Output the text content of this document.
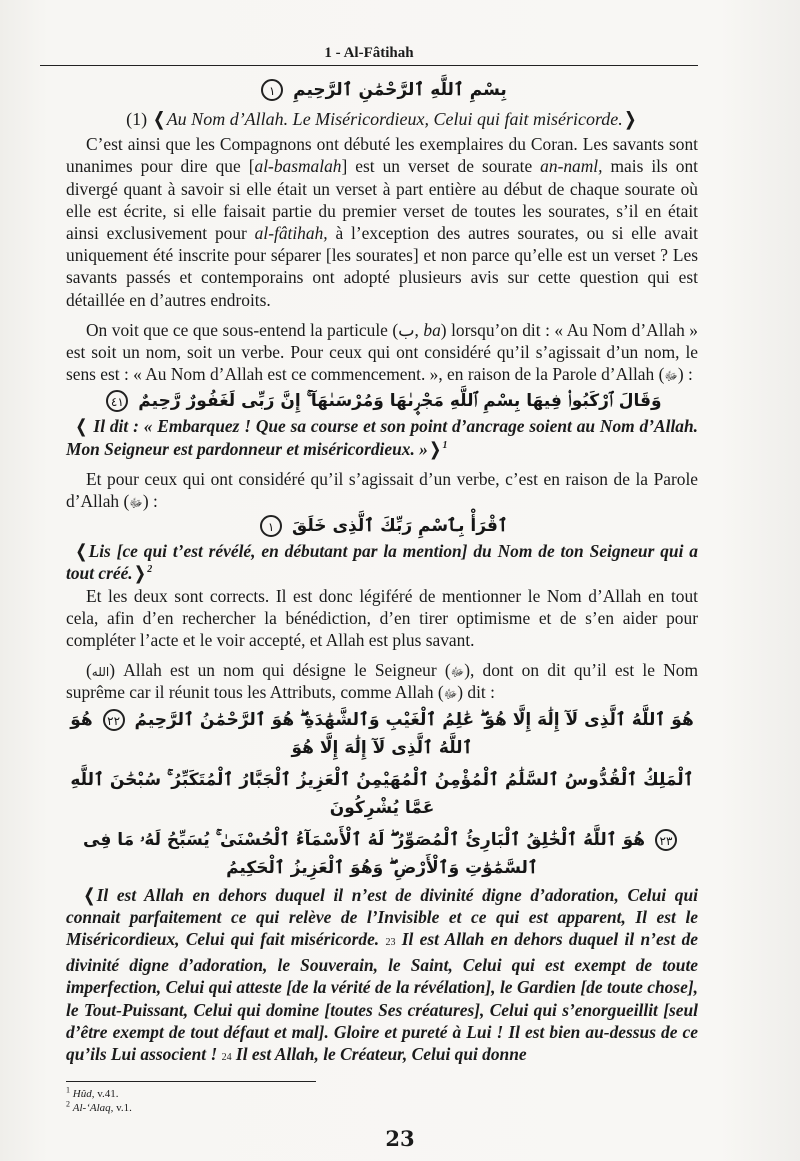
1 - Al-Fâtihah
بِسْمِ ٱللَّهِ ٱلرَّحْمَٰنِ ٱلرَّحِيمِ ١
(1) ❬Au Nom d’Allah. Le Miséricordieux, Celui qui fait miséricorde.❭

C’est ainsi que les Compagnons ont débuté les exemplaires du Coran. Les savants sont unanimes pour dire que [al-basmalah] est un verset de sourate an-naml, mais ils ont divergé quant à savoir si elle était un verset à part entière au début de chaque sourate où elle est écrite, si elle faisait partie du premier verset de toutes les sourates, s’il en était ainsi exclusivement pour al-fâtihah, à l’exception des autres sourates, ou si elle avait uniquement été inscrite pour séparer [les sourates] et non parce qu’elle est un verset ? Les savants passés et contemporains ont adopté plusieurs avis sur cette question qui est détaillée en d’autres endroits.

On voit que ce que sous-entend la particule (ب, ba) lorsqu’on dit : « Au Nom d’Allah » est soit un nom, soit un verbe. Pour ceux qui ont considéré qu’il s’agissait d’un nom, le sens est : « Au Nom d’Allah est ce commencement. », en raison de la Parole d’Allah (ﷻ) :

وَقَالَ ٱرْكَبُوا۟ فِيهَا بِسْمِ ٱللَّهِ مَجْر۪ىٰهَا وَمُرْسَىٰهَآ ۚ إِنَّ رَبِّى لَغَفُورٌ رَّحِيمٌ ٤١

❬ Il dit : « Embarquez ! Que sa course et son point d’ancrage soient au Nom d’Allah. Mon Seigneur est pardonneur et miséricordieux. »❭$^1$

Et pour ceux qui ont considéré qu’il s’agissait d’un verbe, c’est en raison de la Parole d’Allah (ﷻ) :

ٱقْرَأْ بِٱسْمِ رَبِّكَ ٱلَّذِى خَلَقَ ١

❬Lis [ce qui t’est révélé, en débutant par la mention] du Nom de ton Seigneur qui a tout créé.❭$^2$

Et les deux sont corrects. Il est donc légiféré de mentionner le Nom d’Allah en tout cela, afin d’en rechercher la bénédiction, d’en tirer optimisme et de s’en aider pour compléter l’acte et le voir accepté, et Allah est plus savant.

(الله) Allah est un nom qui désigne le Seigneur (ﷻ), dont on dit qu’il est le Nom suprême car il réunit tous les Attributs, comme Allah (ﷻ) dit :

هُوَ ٱللَّهُ ٱلَّذِى لَآ إِلَٰهَ إِلَّا هُوَ ۖ عَٰلِمُ ٱلْغَيْبِ وَٱلشَّهَٰدَةِ ۖ هُوَ ٱلرَّحْمَٰنُ ٱلرَّحِيمُ ٢٢ هُوَ ٱللَّهُ ٱلَّذِى لَآ إِلَٰهَ إِلَّا هُوَ
ٱلْمَلِكُ ٱلْقُدُّوسُ ٱلسَّلَٰمُ ٱلْمُؤْمِنُ ٱلْمُهَيْمِنُ ٱلْعَزِيزُ ٱلْجَبَّارُ ٱلْمُتَكَبِّرُ ۚ سُبْحَٰنَ ٱللَّهِ عَمَّا يُشْرِكُونَ
٢٣ هُوَ ٱللَّهُ ٱلْخَٰلِقُ ٱلْبَارِئُ ٱلْمُصَوِّرُ ۖ لَهُ ٱلْأَسْمَآءُ ٱلْحُسْنَىٰ ۚ يُسَبِّحُ لَهُۥ مَا فِى ٱلسَّمَٰوَٰتِ وَٱلْأَرْضِ ۖ وَهُوَ ٱلْعَزِيزُ ٱلْحَكِيمُ

❬Il est Allah en dehors duquel il n’est de divinité digne d’adoration, Celui qui connait parfaitement ce qui relève de l’Invisible et ce qui est apparent, Il est le Miséricordieux, Celui qui fait miséricorde. 23 Il est Allah en dehors duquel il n’est de divinité digne d’adoration, le Souverain, le Saint, Celui qui est exempt de toute imperfection, Celui qui atteste [de la vérité de la révélation], le Gardien [de toute chose], le Tout-Puissant, Celui qui domine [toutes Ses créatures], Celui qui s’enorgueillit [seul d’être exempt de tout défaut et mal]. Gloire et pureté à Lui ! Il est bien au-dessus de ce qu’ils Lui associent ! 24 Il est Allah, le Créateur, Celui qui donne

$^1$ Hûd, v.41.
$^2$ Al-‘Alaq, v.1.
23
